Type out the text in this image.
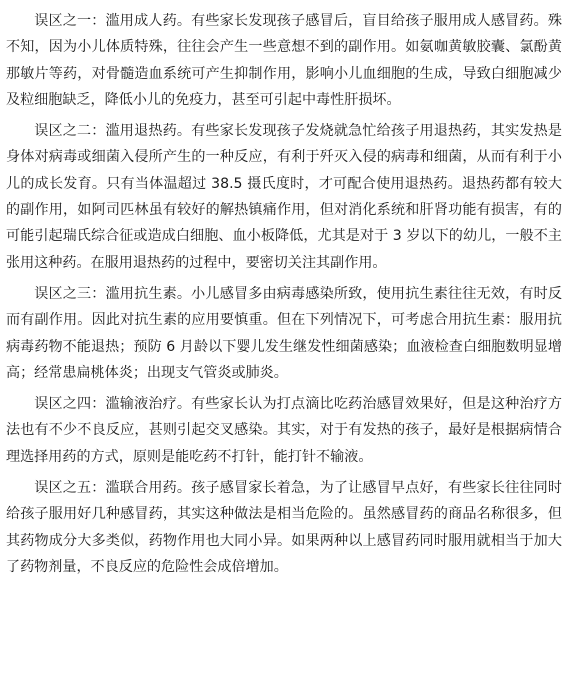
误区之一：滥用成人药。有些家长发现孩子感冒后，盲目给孩子服用成人感冒药。殊不知，因为小儿体质特殊，往往会产生一些意想不到的副作用。如氨咖黄敏胶囊、氯酚黄那敏片等药，对骨髓造血系统可产生抑制作用，影响小儿血细胞的生成，导致白细胞减少及粒细胞缺乏，降低小儿的免疫力，甚至可引起中毒性肝损坏。

误区之二：滥用退热药。有些家长发现孩子发烧就急忙给孩子用退热药，其实发热是身体对病毒或细菌入侵所产生的一种反应，有利于歼灭入侵的病毒和细菌，从而有利于小儿的成长发育。只有当体温超过 38.5 摄氏度时，才可配合使用退热药。退热药都有较大的副作用，如阿司匹林虽有较好的解热镇痛作用，但对消化系统和肝肾功能有损害，有的可能引起瑞氏综合征或造成白细胞、血小板降低，尤其是对于 3 岁以下的幼儿，一般不主张用这种药。在服用退热药的过程中，要密切关注其副作用。

误区之三：滥用抗生素。小儿感冒多由病毒感染所致，使用抗生素往往无效，有时反而有副作用。因此对抗生素的应用要慎重。但在下列情况下，可考虑合用抗生素：服用抗病毒药物不能退热；预防 6 月龄以下婴儿发生继发性细菌感染；血液检查白细胞数明显增高；经常患扁桃体炎；出现支气管炎或肺炎。

误区之四：滥输液治疗。有些家长认为打点滴比吃药治感冒效果好，但是这种治疗方法也有不少不良反应，甚则引起交叉感染。其实，对于有发热的孩子，最好是根据病情合理选择用药的方式，原则是能吃药不打针，能打针不输液。

误区之五：滥联合用药。孩子感冒家长着急，为了让感冒早点好，有些家长往往同时给孩子服用好几种感冒药，其实这种做法是相当危险的。虽然感冒药的商品名称很多，但其药物成分大多类似，药物作用也大同小异。如果两种以上感冒药同时服用就相当于加大了药物剂量，不良反应的危险性会成倍增加。
